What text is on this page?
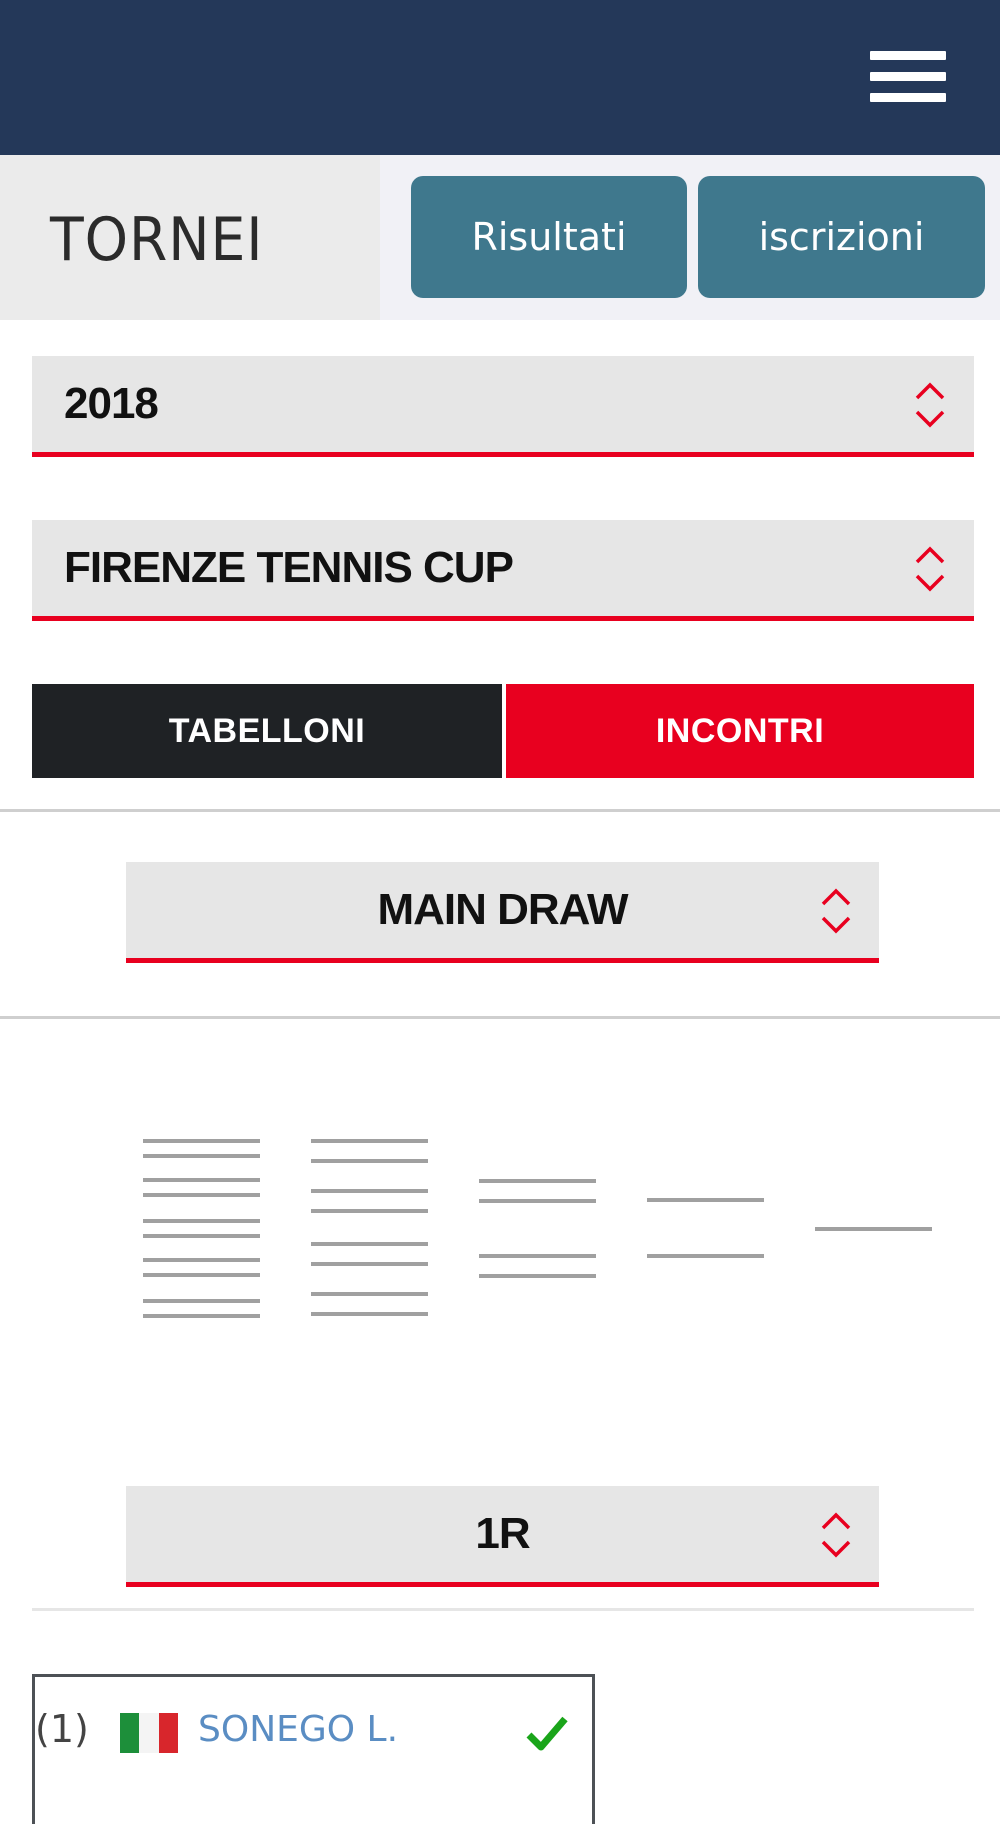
TORNEI	Risultati	iscrizioni
2018
FIRENZE TENNIS CUP
TABELLONI	INCONTRI
MAIN DRAW
1R
(1)	SONEGO L.
